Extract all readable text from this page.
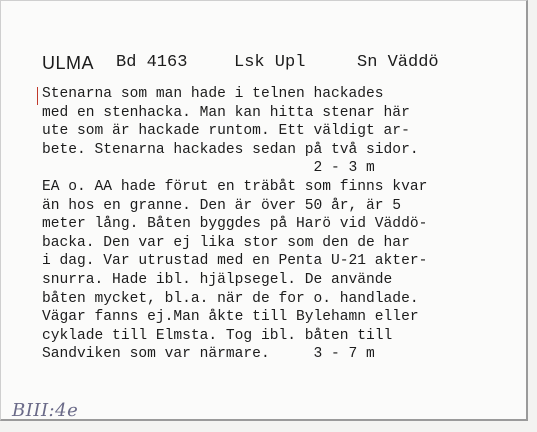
ULMA Bd 4163	Lsk Upl	Sn Väddö
Stenarna som man hade i telnen hackades
med en stenhacka. Man kan hitta stenar här
ute som är hackade runtom. Ett väldigt ar-
bete. Stenarna hackades sedan på två sidor.
2 - 3 m
EA o. AA hade förut en träbåt som finns kvar
än hos en granne. Den är över 50 år, är 5
meter lång. Båten byggdes på Harö vid Väddö-
backa. Den var ej lika stor som den de har
i dag. Var utrustad med en Penta U-21 akter-
snurra. Hade ibl. hjälpsegel. De använde
båten mycket, bl.a. när de for o. handlade.
Vägar fanns ej.Man åkte till Bylehamn eller
cyklade till Elmsta. Tog ibl. båten till
Sandviken som var närmare.     3 - 7 m
BIII:4e
